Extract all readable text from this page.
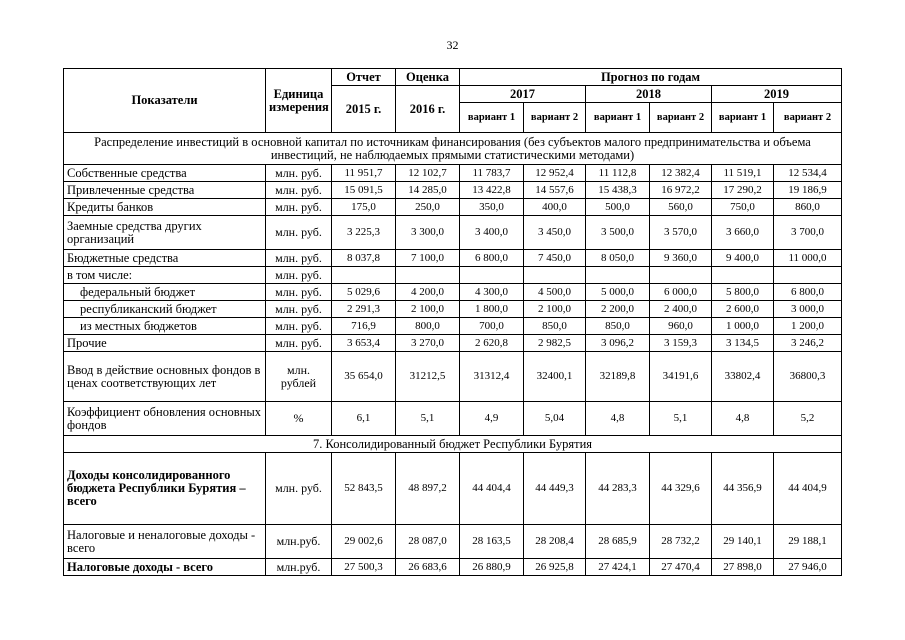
32
Показатели	Единица измерения	Отчет	Оценка	Прогноз по годам					
		2015 г.	2016 г.	2017		2018		2019	
				вариант 1	вариант 2	вариант 1	вариант 2	вариант 1	вариант 2
Распределение инвестиций в основной капитал по источникам финансирования (без субъектов малого предпринимательства и объема инвестиций, не наблюдаемых прямыми статистическими методами)									
Собственные средства	млн. руб.	11 951,7	12 102,7	11 783,7	12 952,4	11 112,8	12 382,4	11 519,1	12 534,4
Привлеченные средства	млн. руб.	15 091,5	14 285,0	13 422,8	14 557,6	15 438,3	16 972,2	17 290,2	19 186,9
Кредиты банков	млн. руб.	175,0	250,0	350,0	400,0	500,0	560,0	750,0	860,0
Заемные средства других организаций	млн. руб.	3 225,3	3 300,0	3 400,0	3 450,0	3 500,0	3 570,0	3 660,0	3 700,0
Бюджетные средства	млн. руб.	8 037,8	7 100,0	6 800,0	7 450,0	8 050,0	9 360,0	9 400,0	11 000,0
в том числе:	млн. руб.								
федеральный бюджет	млн. руб.	5 029,6	4 200,0	4 300,0	4 500,0	5 000,0	6 000,0	5 800,0	6 800,0
республиканский бюджет	млн. руб.	2 291,3	2 100,0	1 800,0	2 100,0	2 200,0	2 400,0	2 600,0	3 000,0
из местных бюджетов	млн. руб.	716,9	800,0	700,0	850,0	850,0	960,0	1 000,0	1 200,0
Прочие	млн. руб.	3 653,4	3 270,0	2 620,8	2 982,5	3 096,2	3 159,3	3 134,5	3 246,2
Ввод в действие основных фондов в ценах соответствующих лет	млн. рублей	35 654,0	31212,5	31312,4	32400,1	32189,8	34191,6	33802,4	36800,3
Коэффициент обновления основных фондов	%	6,1	5,1	4,9	5,04	4,8	5,1	4,8	5,2
7. Консолидированный бюджет Республики Бурятия									
Доходы консолидированного бюджета Республики Бурятия – всего	млн. руб.	52 843,5	48 897,2	44 404,4	44 449,3	44 283,3	44 329,6	44 356,9	44 404,9
Налоговые и неналоговые доходы - всего	млн.руб.	29 002,6	28 087,0	28 163,5	28 208,4	28 685,9	28 732,2	29 140,1	29 188,1
Налоговые доходы - всего	млн.руб.	27 500,3	26 683,6	26 880,9	26 925,8	27 424,1	27 470,4	27 898,0	27 946,0
